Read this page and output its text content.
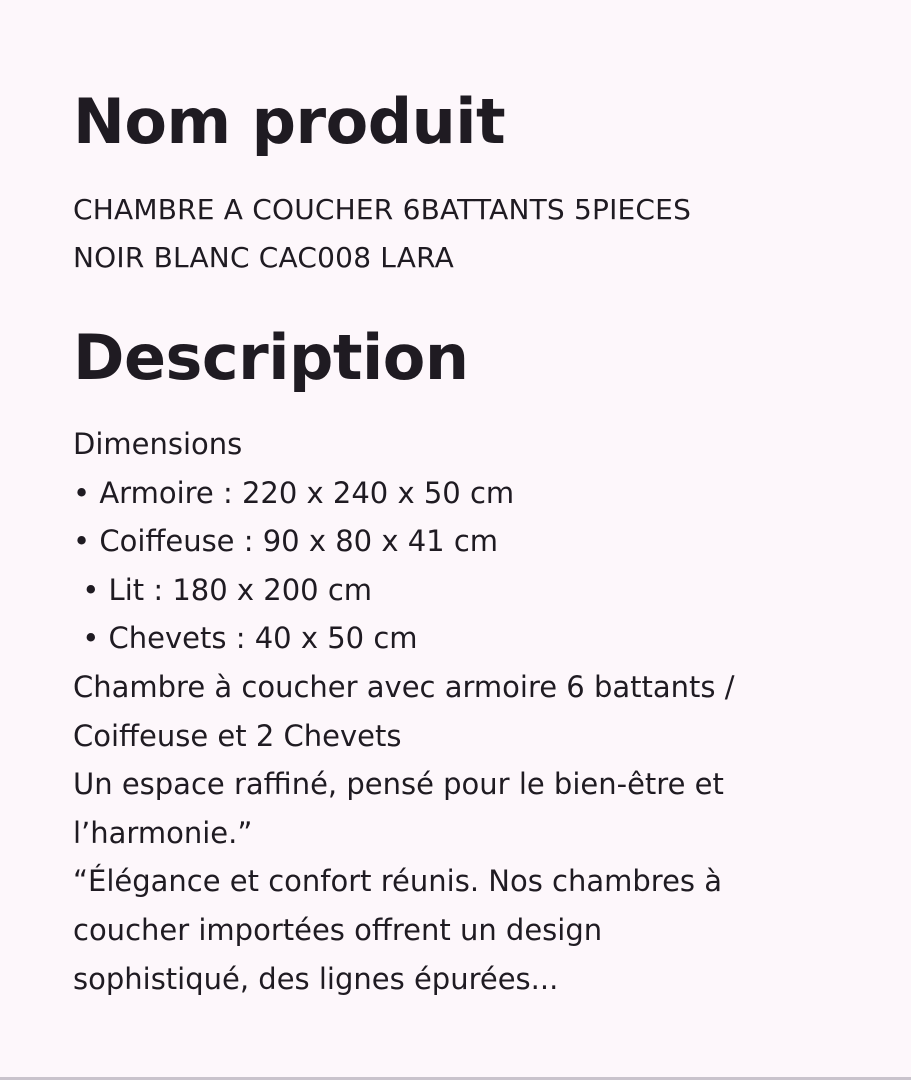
Nom produit
CHAMBRE A COUCHER 6BATTANTS 5PIECES
NOIR BLANC CAC008 LARA
Description

Dimensions

• Armoire : 220 x 240 x 50 cm

• Coiffeuse : 90 x 80 x 41 cm

• Lit : 180 x 200 cm

• Chevets : 40 x 50 cm

Chambre à coucher avec armoire 6 battants /

Coiffeuse et 2 Chevets

Un espace raffiné, pensé pour le bien-être et

l’harmonie.”

“Élégance et confort réunis. Nos chambres à

coucher importées offrent un design

sophistiqué, des lignes épurées...
